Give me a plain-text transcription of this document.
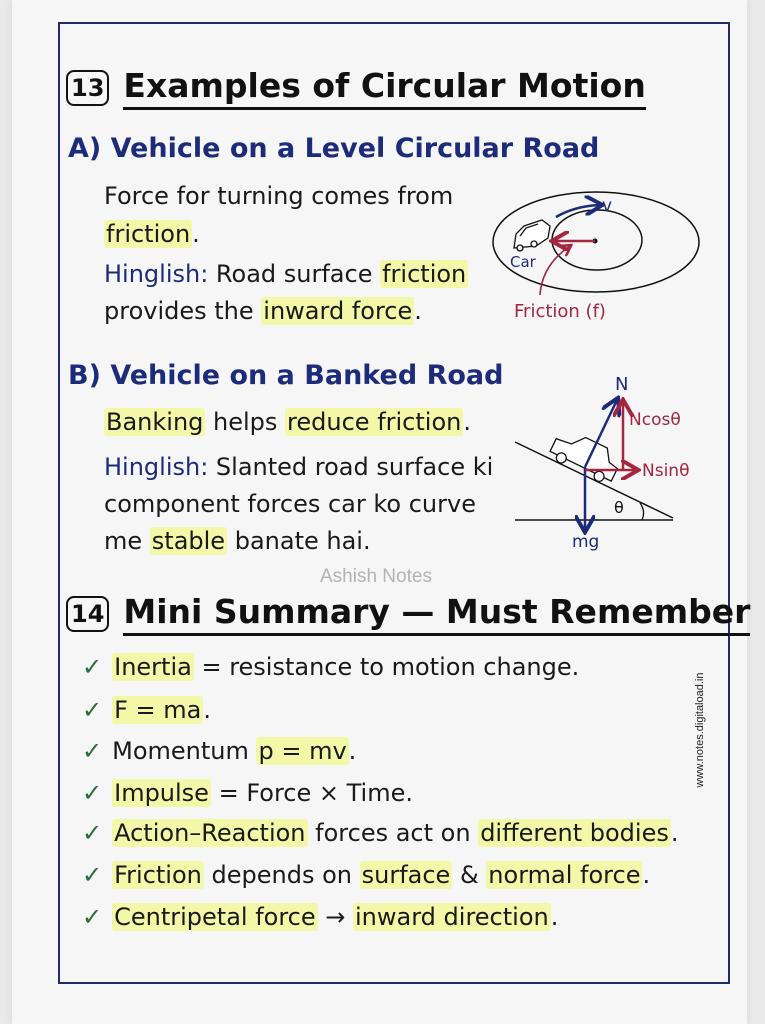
13 Examples of Circular Motion
A) Vehicle on a Level Circular Road
Force for turning comes from
friction.
Hinglish: Road surface friction
provides the inward force.
B) Vehicle on a Banked Road
Banking helps reduce friction.
Hinglish: Slanted road surface ki
component forces car ko curve
me stable banate hai.
v
Car
Friction (f)
N
Ncosθ
Nsinθ
θ
mg
Ashish Notes
www.notes.digitaload.in
14 Mini Summary — Must Remember
✓ Inertia = resistance to motion change.
✓ F = ma.
✓ Momentum p = mv.
✓ Impulse = Force × Time.
✓ Action–Reaction forces act on different bodies.
✓ Friction depends on surface & normal force.
✓ Centripetal force → inward direction.
